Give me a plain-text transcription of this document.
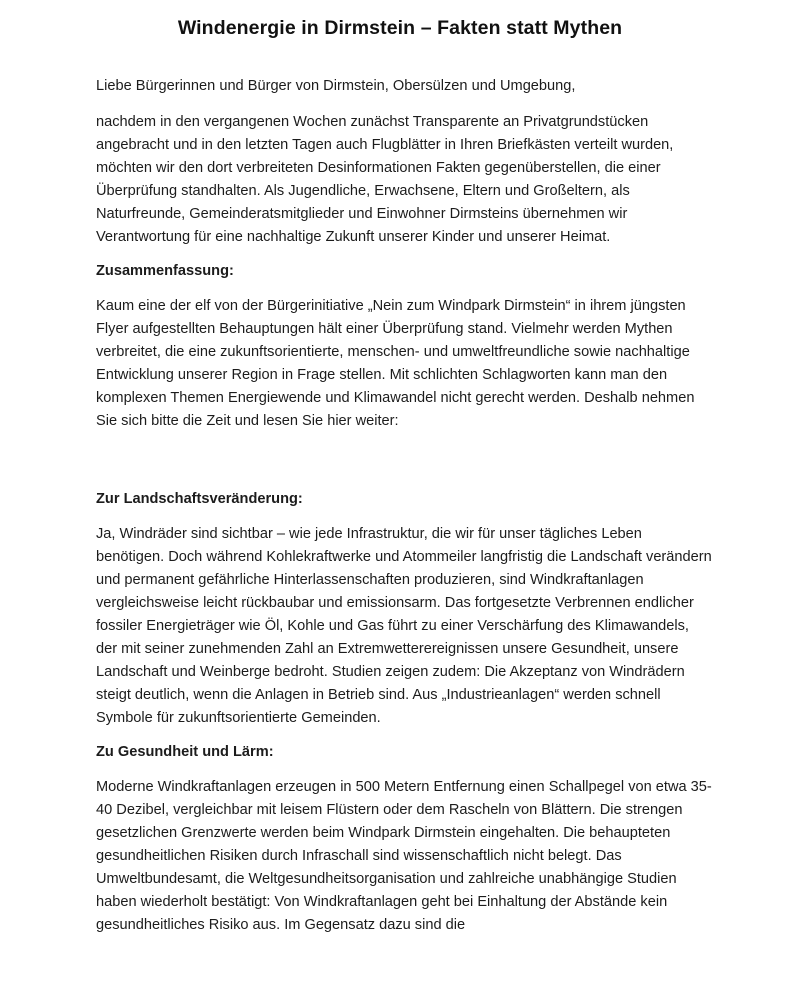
Windenergie in Dirmstein – Fakten statt Mythen

Liebe Bürgerinnen und Bürger von Dirmstein, Obersülzen und Umgebung,

nachdem in den vergangenen Wochen zunächst Transparente an Privatgrundstücken angebracht und in den letzten Tagen auch Flugblätter in Ihren Briefkästen verteilt wurden, möchten wir den dort verbreiteten Desinformationen Fakten gegenüberstellen, die einer Überprüfung standhalten. Als Jugendliche, Erwachsene, Eltern und Großeltern, als Naturfreunde, Gemeinderatsmitglieder und Einwohner Dirmsteins übernehmen wir Verantwortung für eine nachhaltige Zukunft unserer Kinder und unserer Heimat.

Zusammenfassung:

Kaum eine der elf von der Bürgerinitiative „Nein zum Windpark Dirmstein“ in ihrem jüngsten Flyer aufgestellten Behauptungen hält einer Überprüfung stand. Vielmehr werden Mythen verbreitet, die eine zukunftsorientierte, menschen- und umweltfreundliche sowie nachhaltige Entwicklung unserer Region in Frage stellen. Mit schlichten Schlagworten kann man den komplexen Themen Energiewende und Klimawandel nicht gerecht werden. Deshalb nehmen Sie sich bitte die Zeit und lesen Sie hier weiter:

Zur Landschaftsveränderung:

Ja, Windräder sind sichtbar – wie jede Infrastruktur, die wir für unser tägliches Leben benötigen. Doch während Kohlekraftwerke und Atommeiler langfristig die Landschaft verändern und permanent gefährliche Hinterlassenschaften produzieren, sind Windkraftanlagen vergleichsweise leicht rückbaubar und emissionsarm. Das fortgesetzte Verbrennen endlicher fossiler Energieträger wie Öl, Kohle und Gas führt zu einer Verschärfung des Klimawandels, der mit seiner zunehmenden Zahl an Extremwetterereignissen unsere Gesundheit, unsere Landschaft und Weinberge bedroht. Studien zeigen zudem: Die Akzeptanz von Windrädern steigt deutlich, wenn die Anlagen in Betrieb sind. Aus „Industrieanlagen“ werden schnell Symbole für zukunftsorientierte Gemeinden.

Zu Gesundheit und Lärm:

Moderne Windkraftanlagen erzeugen in 500 Metern Entfernung einen Schallpegel von etwa 35-40 Dezibel, vergleichbar mit leisem Flüstern oder dem Rascheln von Blättern. Die strengen gesetzlichen Grenzwerte werden beim Windpark Dirmstein eingehalten. Die behaupteten gesundheitlichen Risiken durch Infraschall sind wissenschaftlich nicht belegt. Das Umweltbundesamt, die Weltgesundheitsorganisation und zahlreiche unabhängige Studien haben wiederholt bestätigt: Von Windkraftanlagen geht bei Einhaltung der Abstände kein gesundheitliches Risiko aus. Im Gegensatz dazu sind die
